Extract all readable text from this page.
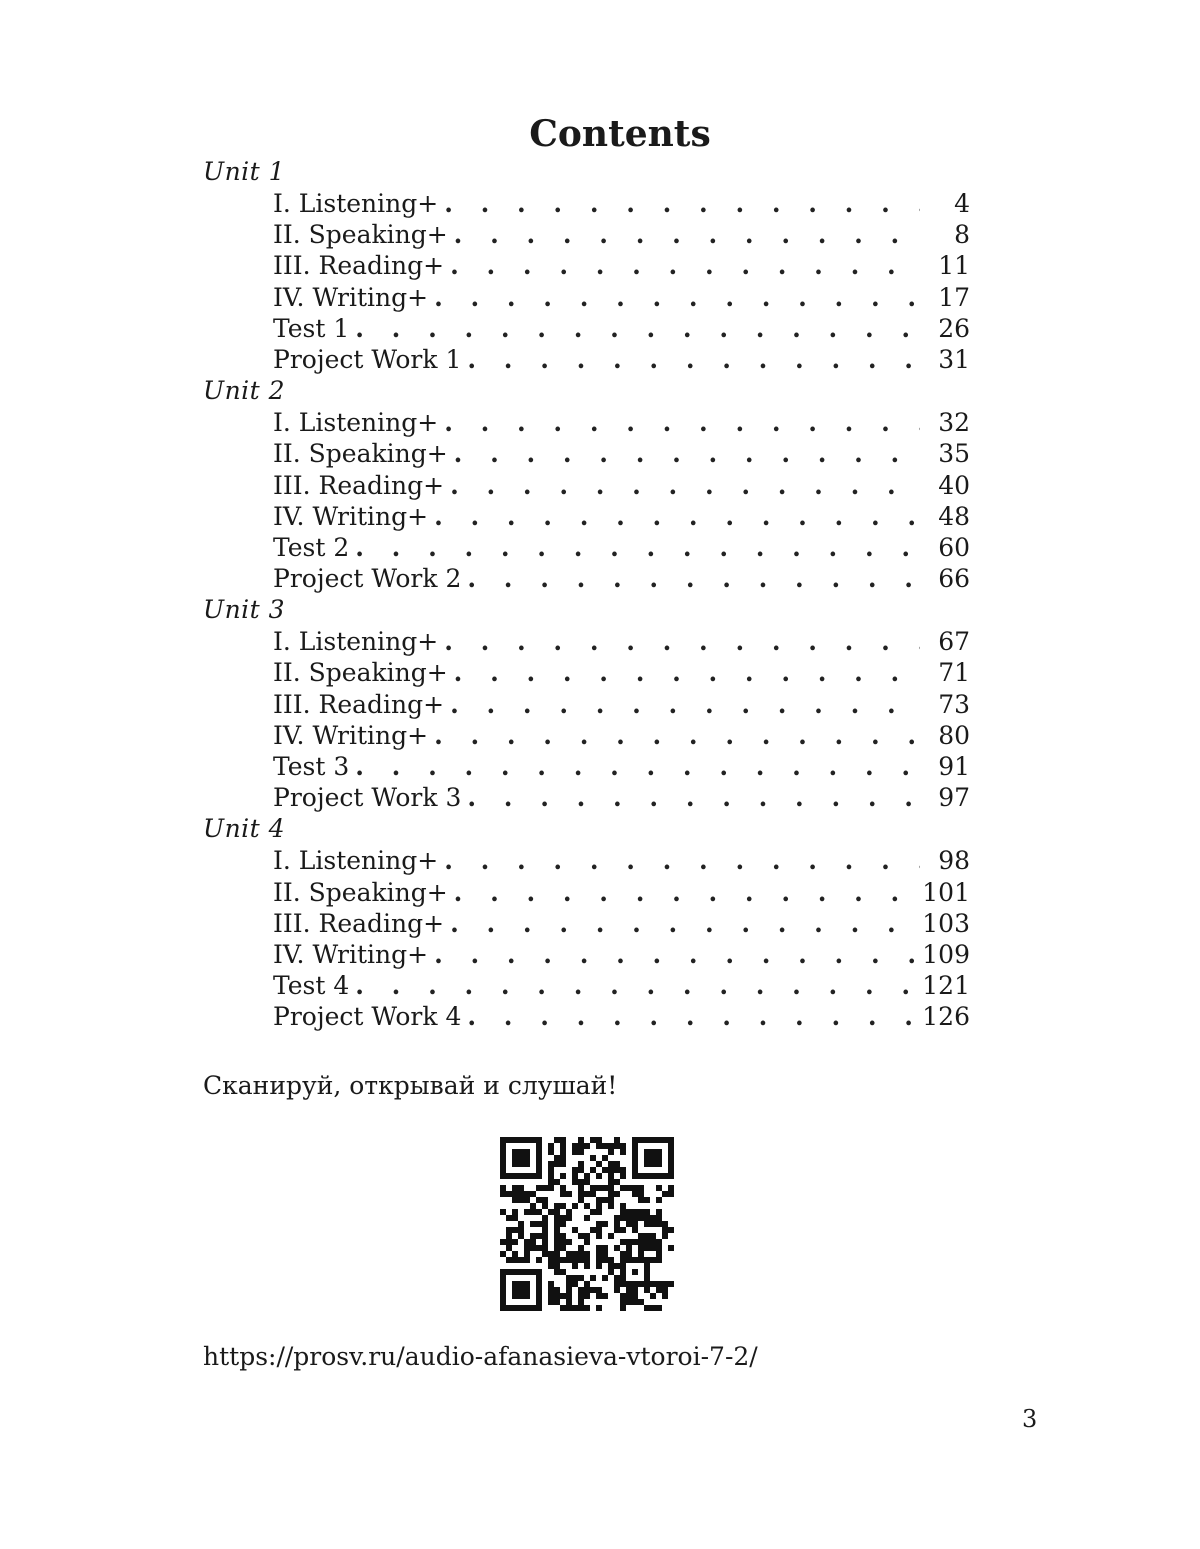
Contents
Unit 1
I. Listening+ . . .	4
II. Speaking+ . . .	8
III. Reading+ . . .	11
IV. Writing+ . . .	17
Test 1 . . .	26
Project Work 1 . . .	31
Unit 2
I. Listening+ . . .	32
II. Speaking+ . . .	35
III. Reading+ . . .	40
IV. Writing+ . . .	48
Test 2 . . .	60
Project Work 2 . . .	66
Unit 3
I. Listening+ . . .	67
II. Speaking+ . . .	71
III. Reading+ . . .	73
IV. Writing+ . . .	80
Test 3 . . .	91
Project Work 3 . . .	97
Unit 4
I. Listening+ . . .	98
II. Speaking+ . . .	101
III. Reading+ . . .	103
IV. Writing+ . . .	109
Test 4 . . .	121
Project Work 4 . . .	126
Сканируй, открывай и слушай!
https://prosv.ru/audio-afanasieva-vtoroi-7-2/
3
